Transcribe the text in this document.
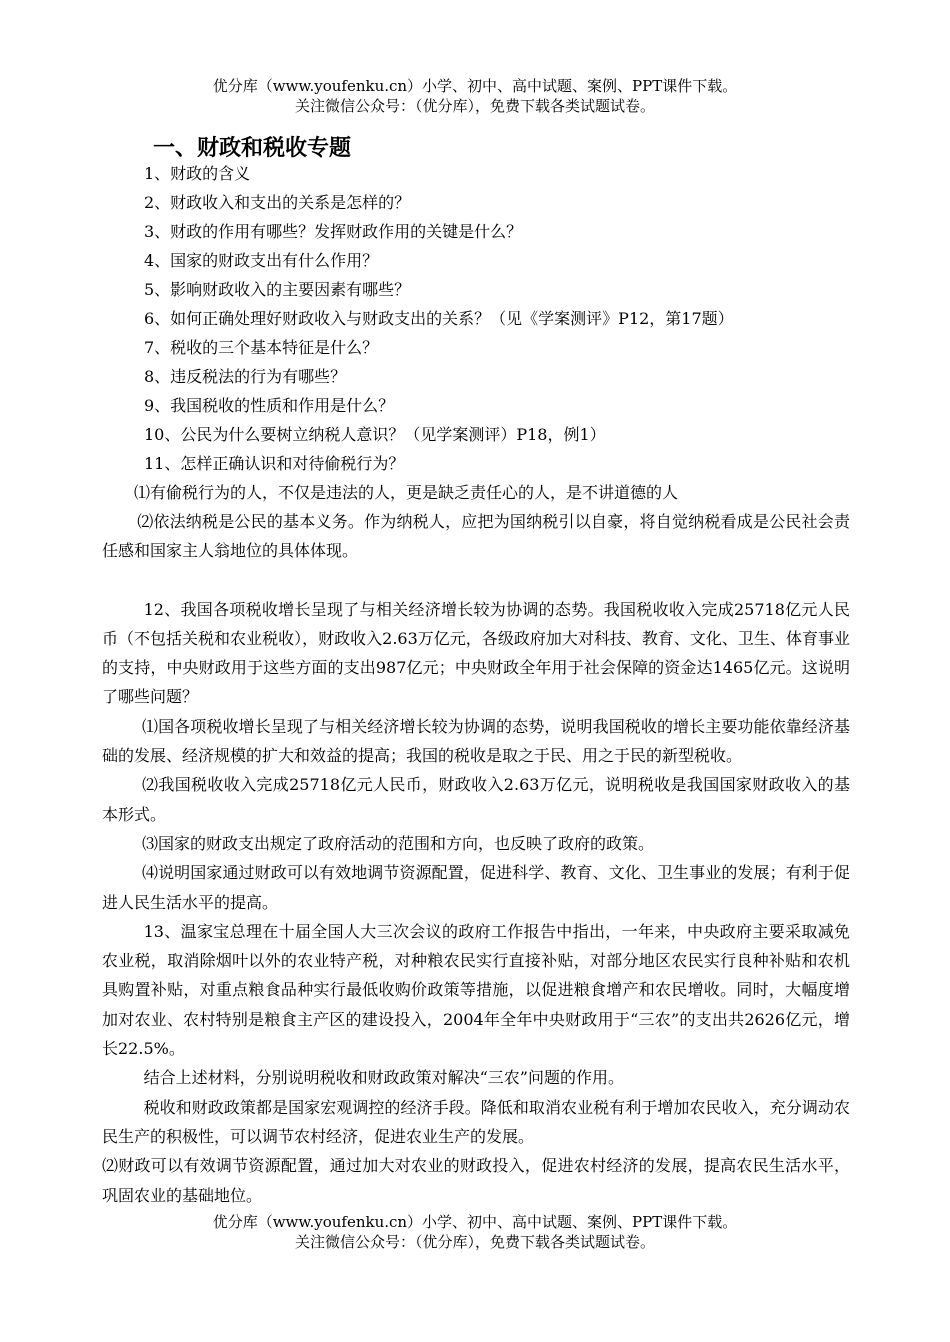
优分库（www.youfenku.cn）小学、初中、高中试题、案例、PPT课件下载。
关注微信公众号：（优分库），免费下载各类试题试卷。
一、财政和税收专题
1、财政的含义
2、财政收入和支出的关系是怎样的？
3、财政的作用有哪些？发挥财政作用的关键是什么？
4、国家的财政支出有什么作用？
5、影响财政收入的主要因素有哪些？
6、如何正确处理好财政收入与财政支出的关系？（见《学案测评》P12，第17题）
7、税收的三个基本特征是什么？
8、违反税法的行为有哪些？
9、我国税收的性质和作用是什么？
10、公民为什么要树立纳税人意识？（见学案测评）P18，例1）
11、怎样正确认识和对待偷税行为？
⑴有偷税行为的人，不仅是违法的人，更是缺乏责任心的人，是不讲道德的人
⑵依法纳税是公民的基本义务。作为纳税人，应把为国纳税引以自豪，将自觉纳税看成是公民社会责任感和国家主人翁地位的具体体现。
12、我国各项税收增长呈现了与相关经济增长较为协调的态势。我国税收收入完成25718亿元人民币（不包括关税和农业税收），财政收入2.63万亿元，各级政府加大对科技、教育、文化、卫生、体育事业的支持，中央财政用于这些方面的支出987亿元；中央财政全年用于社会保障的资金达1465亿元。这说明了哪些问题？
⑴国各项税收增长呈现了与相关经济增长较为协调的态势，说明我国税收的增长主要功能依靠经济基础的发展、经济规模的扩大和效益的提高；我国的税收是取之于民、用之于民的新型税收。
⑵我国税收收入完成25718亿元人民币，财政收入2.63万亿元，说明税收是我国国家财政收入的基本形式。
⑶国家的财政支出规定了政府活动的范围和方向，也反映了政府的政策。
⑷说明国家通过财政可以有效地调节资源配置，促进科学、教育、文化、卫生事业的发展；有利于促进人民生活水平的提高。
13、温家宝总理在十届全国人大三次会议的政府工作报告中指出，一年来，中央政府主要采取减免农业税，取消除烟叶以外的农业特产税，对种粮农民实行直接补贴，对部分地区农民实行良种补贴和农机具购置补贴，对重点粮食品种实行最低收购价政策等措施，以促进粮食增产和农民增收。同时，大幅度增加对农业、农村特别是粮食主产区的建设投入，2004年全年中央财政用于“三农”的支出共2626亿元，增长22.5%。
结合上述材料，分别说明税收和财政政策对解决“三农”问题的作用。
税收和财政政策都是国家宏观调控的经济手段。降低和取消农业税有利于增加农民收入，充分调动农民生产的积极性，可以调节农村经济，促进农业生产的发展。
⑵财政可以有效调节资源配置，通过加大对农业的财政投入，促进农村经济的发展，提高农民生活水平，巩固农业的基础地位。
优分库（www.youfenku.cn）小学、初中、高中试题、案例、PPT课件下载。
关注微信公众号：（优分库），免费下载各类试题试卷。
